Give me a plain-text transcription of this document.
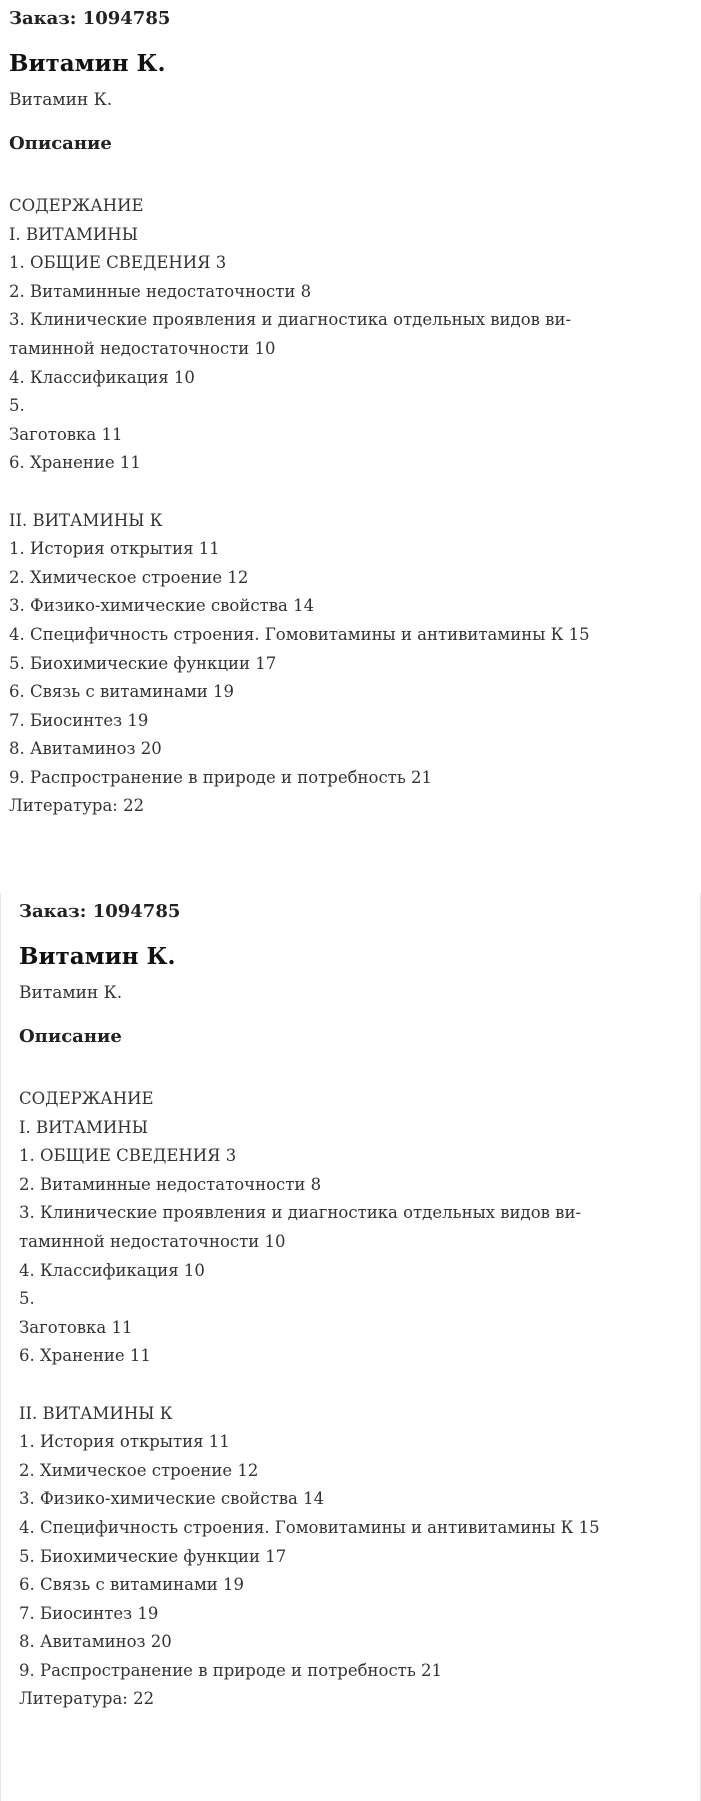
Заказ: 1094785
Витамин К.
Витамин К.
Описание
СОДЕРЖАНИЕ
I. ВИТАМИНЫ
1. ОБЩИЕ СВЕДЕНИЯ 3
2. Витаминные недостаточности 8
3. Клинические проявления и диагностика отдельных видов ви-
таминной недостаточности 10
4. Классификация 10
5.
Заготовка 11
6. Хранение 11
II. ВИТАМИНЫ К
1. История открытия 11
2. Химическое строение 12
3. Физико-химические свойства 14
4. Специфичность строения. Гомовитамины и антивитамины К 15
5. Биохимические функции 17
6. Связь с витаминами 19
7. Биосинтез 19
8. Авитаминоз 20
9. Распространение в природе и потребность 21
Литература: 22
Заказ: 1094785
Витамин К.
Витамин К.
Описание
СОДЕРЖАНИЕ
I. ВИТАМИНЫ
1. ОБЩИЕ СВЕДЕНИЯ 3
2. Витаминные недостаточности 8
3. Клинические проявления и диагностика отдельных видов ви-
таминной недостаточности 10
4. Классификация 10
5.
Заготовка 11
6. Хранение 11
II. ВИТАМИНЫ К
1. История открытия 11
2. Химическое строение 12
3. Физико-химические свойства 14
4. Специфичность строения. Гомовитамины и антивитамины К 15
5. Биохимические функции 17
6. Связь с витаминами 19
7. Биосинтез 19
8. Авитаминоз 20
9. Распространение в природе и потребность 21
Литература: 22
